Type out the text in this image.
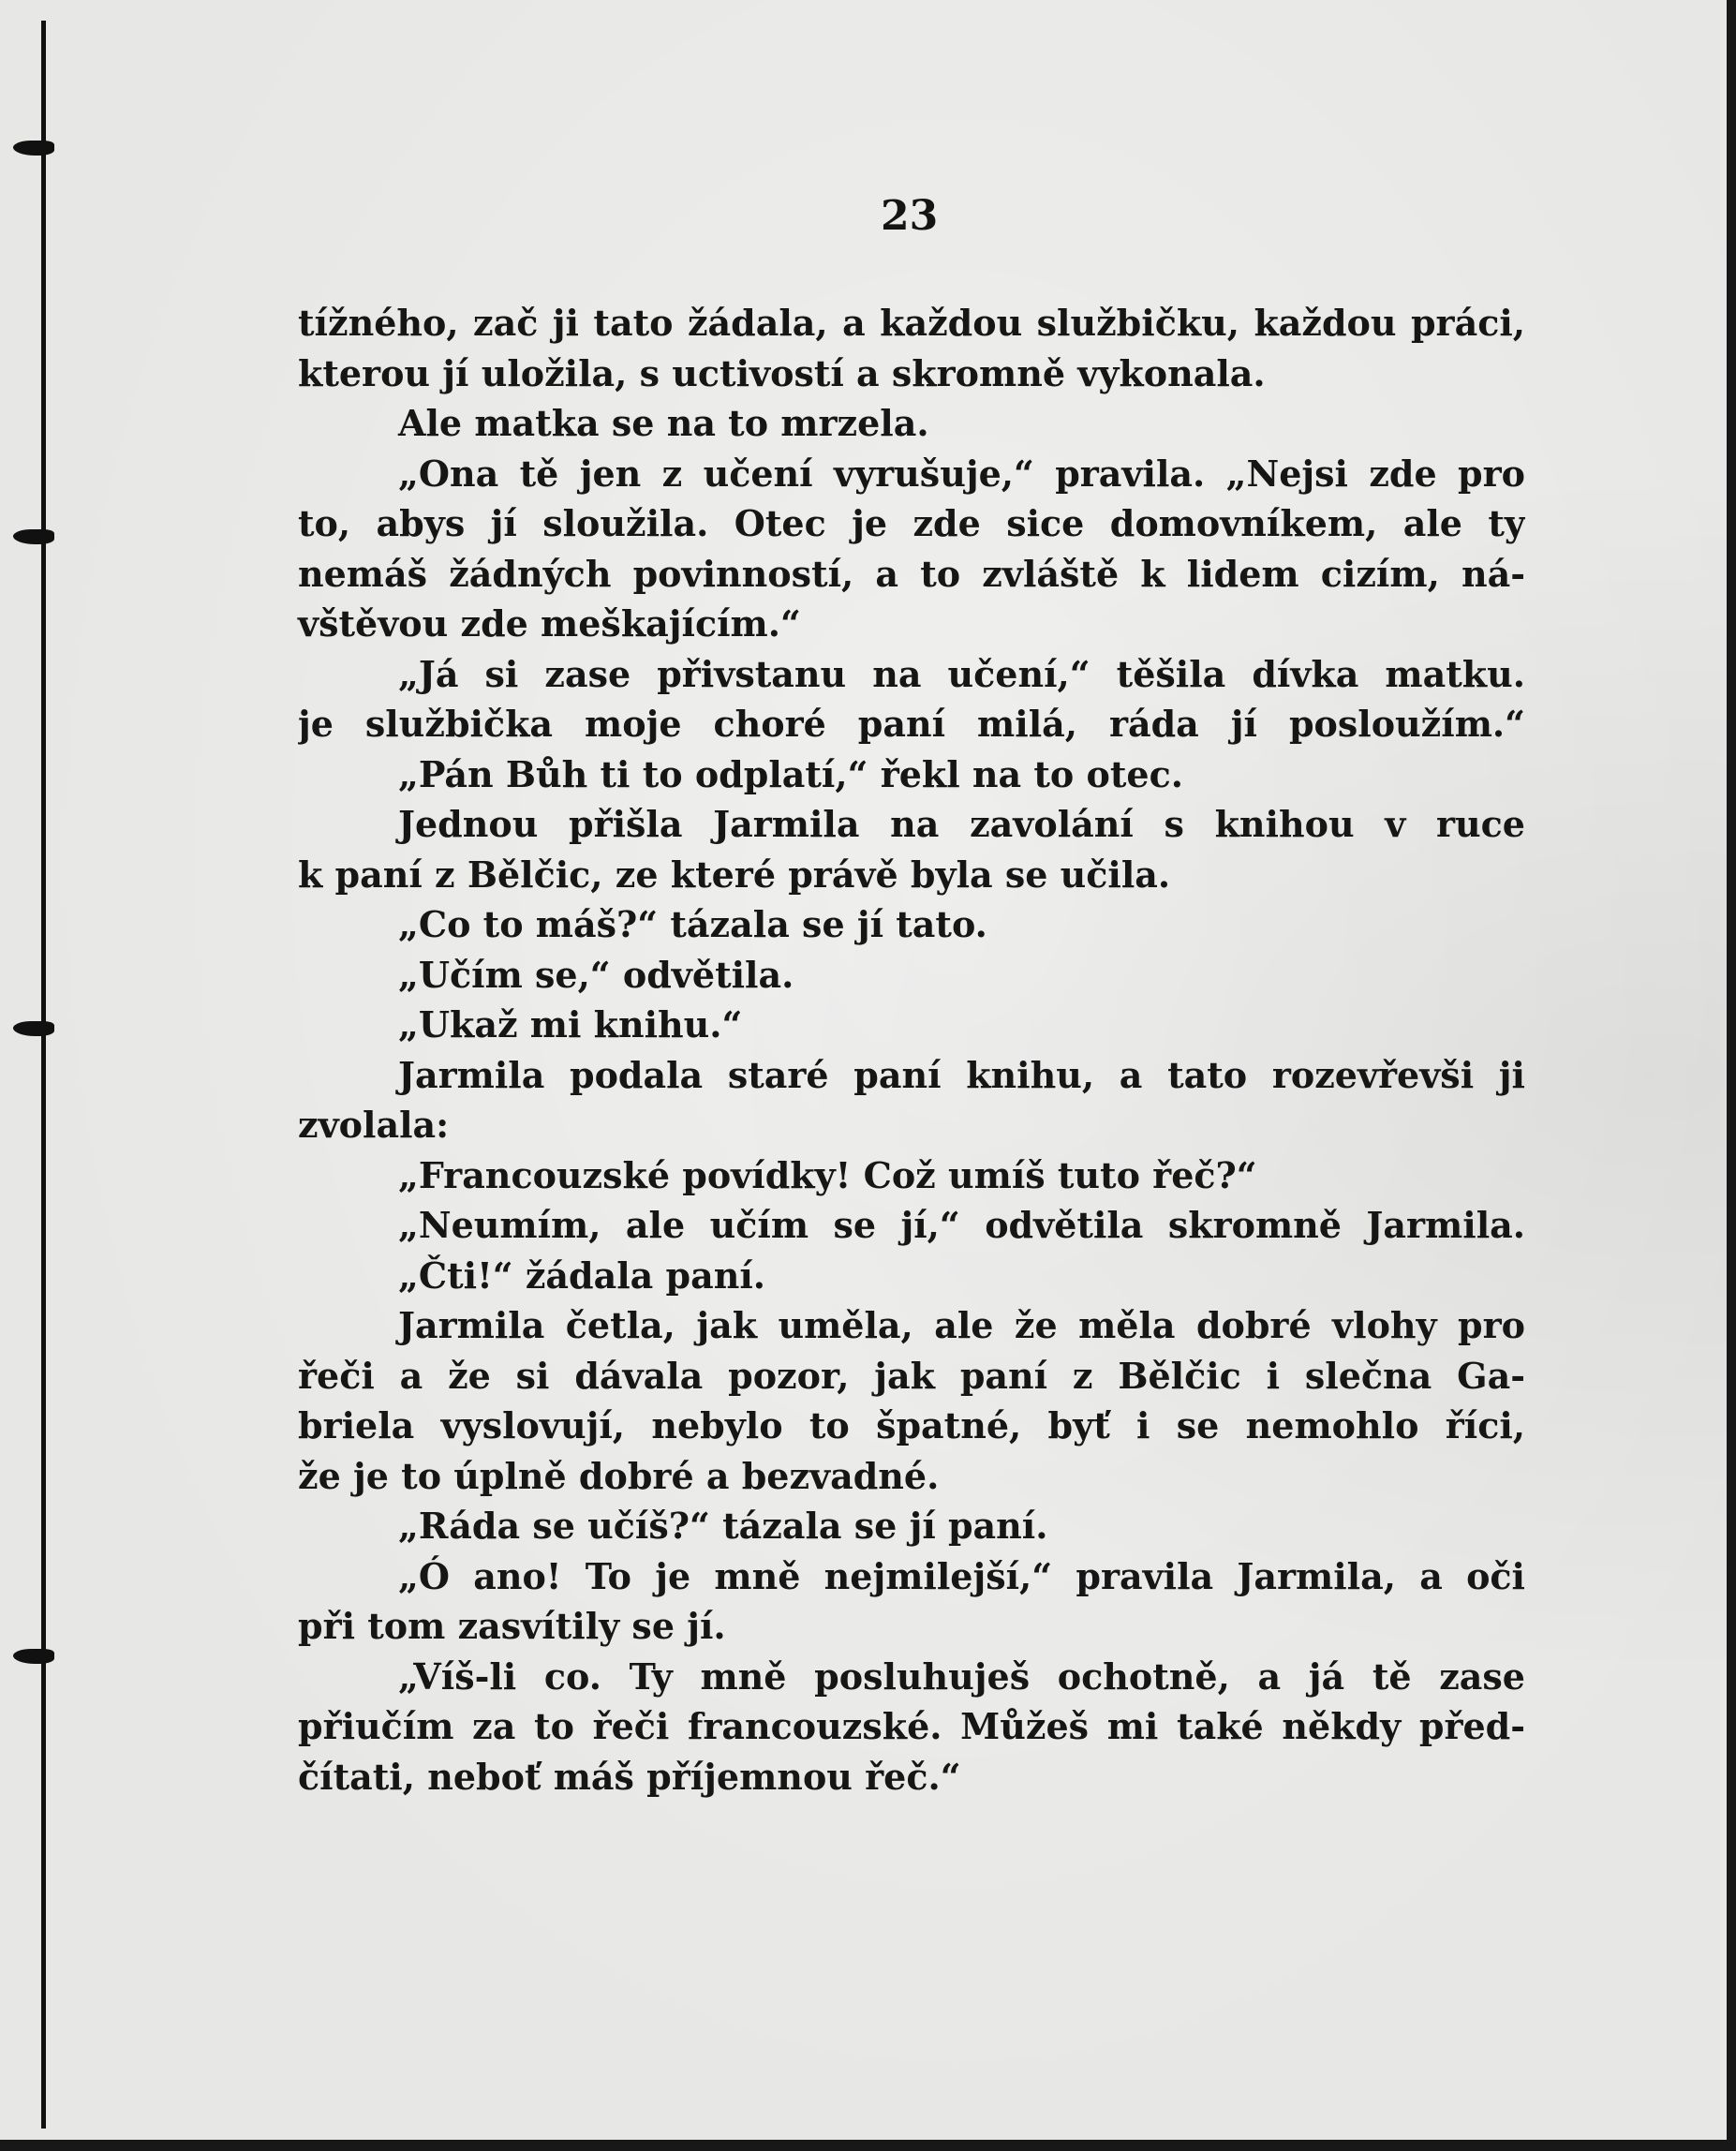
23

tížného, zač ji tato žádala, a každou službičku, každou práci,
kterou jí uložila, s uctivostí a skromně vykonala.
Ale matka se na to mrzela.
„Ona tě jen z učení vyrušuje,“ pravila. „Nejsi zde pro
to, abys jí sloužila. Otec je zde sice domovníkem, ale ty
nemáš žádných povinností, a to zvláště k lidem cizím, ná-
vštěvou zde meškajícím.“
„Já si zase přivstanu na učení,“ těšila dívka matku.
je službička moje choré paní milá, ráda jí posloužím.“
„Pán Bůh ti to odplatí,“ řekl na to otec.
Jednou přišla Jarmila na zavolání s knihou v ruce
k paní z Bělčic, ze které právě byla se učila.
„Co to máš?“ tázala se jí tato.
„Učím se,“ odvětila.
„Ukaž mi knihu.“
Jarmila podala staré paní knihu, a tato rozevřevši ji
zvolala:
„Francouzské povídky! Což umíš tuto řeč?“
„Neumím, ale učím se jí,“ odvětila skromně Jarmila.
„Čti!“ žádala paní.
Jarmila četla, jak uměla, ale že měla dobré vlohy pro
řeči a že si dávala pozor, jak paní z Bělčic i slečna Ga-
briela vyslovují, nebylo to špatné, byť i se nemohlo říci,
že je to úplně dobré a bezvadné.
„Ráda se učíš?“ tázala se jí paní.
„Ó ano! To je mně nejmilejší,“ pravila Jarmila, a oči
při tom zasvítily se jí.
„Víš-li co. Ty mně posluhuješ ochotně, a já tě zase
přiučím za to řeči francouzské. Můžeš mi také někdy před-
čítati, neboť máš příjemnou řeč.“
